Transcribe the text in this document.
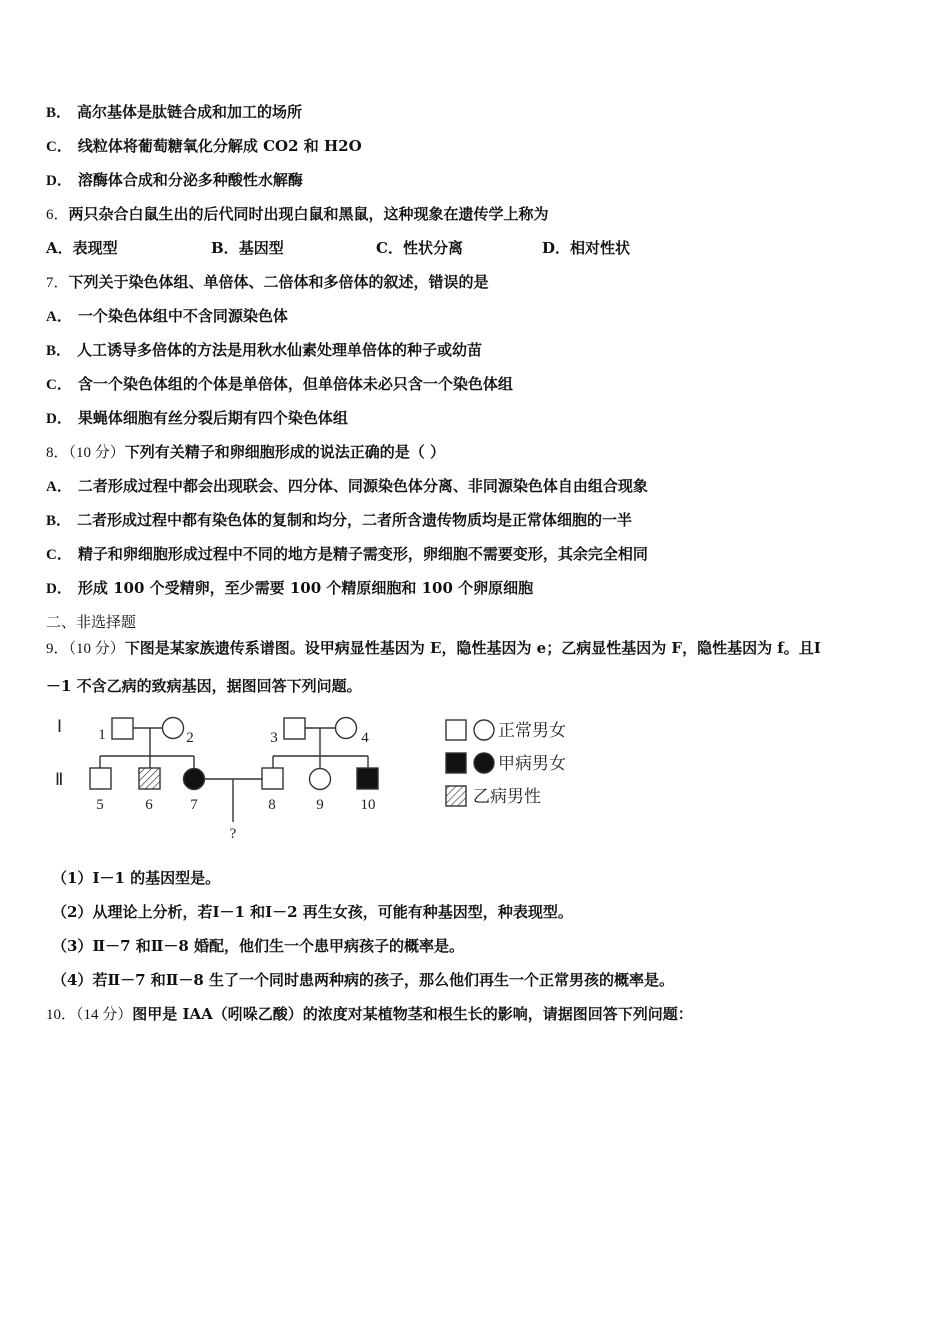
B． 高尔基体是肽链合成和加工的场所
C． 线粒体将葡萄糖氧化分解成 CO2 和 H2O
D． 溶酶体合成和分泌多种酸性水解酶
6．两只杂合白鼠生出的后代同时出现白鼠和黑鼠，这种现象在遗传学上称为
A．表现型	B．基因型	C．性状分离	D．相对性状
7．下列关于染色体组、单倍体、二倍体和多倍体的叙述，错误的是
A． 一个染色体组中不含同源染色体
B． 人工诱导多倍体的方法是用秋水仙素处理单倍体的种子或幼苗
C． 含一个染色体组的个体是单倍体，但单倍体未必只含一个染色体组
D． 果蝇体细胞有丝分裂后期有四个染色体组
8．（10 分）下列有关精子和卵细胞形成的说法正确的是（ ）
A． 二者形成过程中都会出现联会、四分体、同源染色体分离、非同源染色体自由组合现象
B． 二者形成过程中都有染色体的复制和均分，二者所含遗传物质均是正常体细胞的一半
C． 精子和卵细胞形成过程中不同的地方是精子需变形，卵细胞不需要变形，其余完全相同
D． 形成 100 个受精卵，至少需要 100 个精原细胞和 100 个卵原细胞
二、非选择题
9．（10 分）下图是某家族遗传系谱图。设甲病显性基因为 E，隐性基因为 e；乙病显性基因为 F，隐性基因为 f。且Ⅰ
－1 不含乙病的致病基因，据图回答下列问题。
Ⅰ
Ⅱ
1	2	3	4
5	6	7	8	9 10
?
正常男女
甲病男女
乙病男性
（1）Ⅰ－1 的基因型是。
（2）从理论上分析，若Ⅰ－1 和Ⅰ－2 再生女孩，可能有种基因型，种表现型。
（3）Ⅱ－7 和Ⅱ－8 婚配，他们生一个患甲病孩子的概率是。
（4）若Ⅱ－7 和Ⅱ－8 生了一个同时患两种病的孩子，那么他们再生一个正常男孩的概率是。
10．（14 分）图甲是 IAA（吲哚乙酸）的浓度对某植物茎和根生长的影响，请据图回答下列问题：
